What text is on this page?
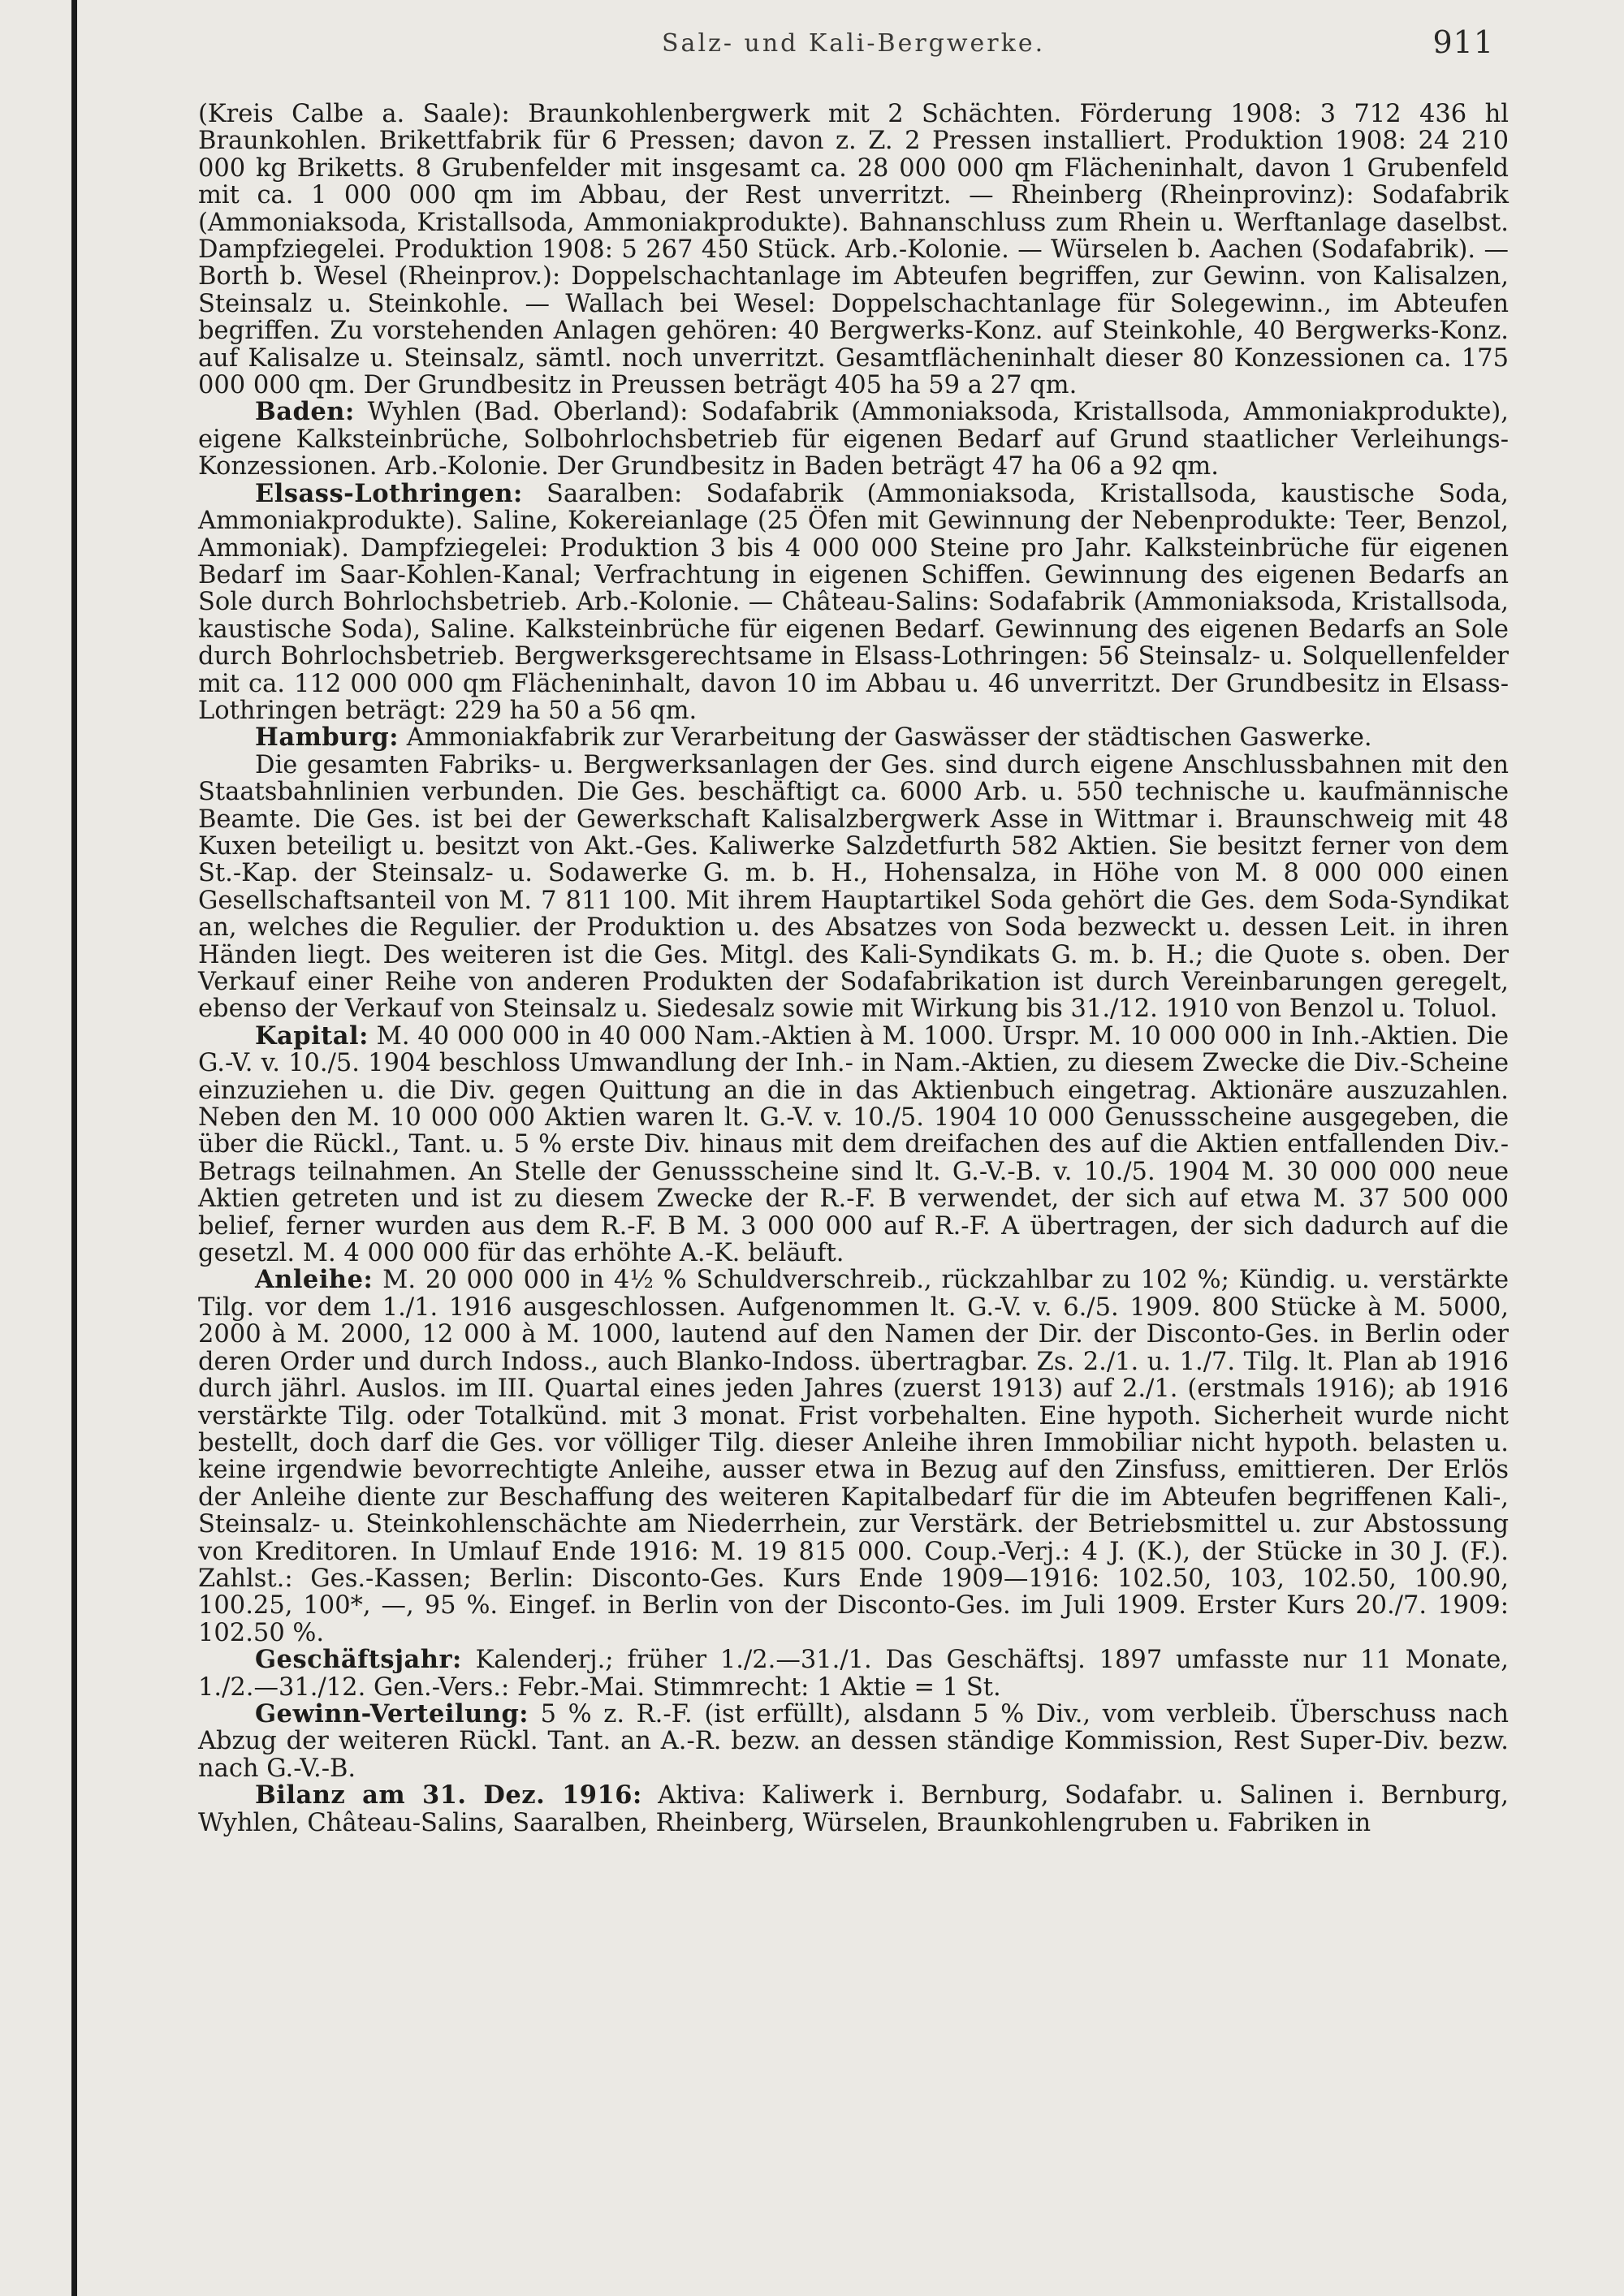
Salz- und Kali-Bergwerke.	911

(Kreis Calbe a. Saale): Braunkohlenbergwerk mit 2 Schächten. Förderung 1908: 3 712 436 hl Braunkohlen. Brikettfabrik für 6 Pressen; davon z. Z. 2 Pressen installiert. Produktion 1908: 24 210 000 kg Briketts. 8 Grubenfelder mit insgesamt ca. 28 000 000 qm Flächeninhalt, davon 1 Grubenfeld mit ca. 1 000 000 qm im Abbau, der Rest unverritzt. — Rheinberg (Rheinprovinz): Sodafabrik (Ammoniaksoda, Kristallsoda, Ammoniakprodukte). Bahnanschluss zum Rhein u. Werftanlage daselbst. Dampfziegelei. Produktion 1908: 5 267 450 Stück. Arb.-Kolonie. — Würselen b. Aachen (Sodafabrik). — Borth b. Wesel (Rheinprov.): Doppelschachtanlage im Abteufen begriffen, zur Gewinn. von Kalisalzen, Steinsalz u. Steinkohle. — Wallach bei Wesel: Doppelschachtanlage für Solegewinn., im Abteufen begriffen. Zu vorstehenden Anlagen gehören: 40 Bergwerks-Konz. auf Steinkohle, 40 Bergwerks-Konz. auf Kalisalze u. Steinsalz, sämtl. noch unverritzt. Gesamtflächeninhalt dieser 80 Konzessionen ca. 175 000 000 qm. Der Grundbesitz in Preussen beträgt 405 ha 59 a 27 qm.

Baden: Wyhlen (Bad. Oberland): Sodafabrik (Ammoniaksoda, Kristallsoda, Ammoniakprodukte), eigene Kalksteinbrüche, Solbohrlochsbetrieb für eigenen Bedarf auf Grund staatlicher Verleihungs-Konzessionen. Arb.-Kolonie. Der Grundbesitz in Baden beträgt 47 ha 06 a 92 qm.

Elsass-Lothringen: Saaralben: Sodafabrik (Ammoniaksoda, Kristallsoda, kaustische Soda, Ammoniakprodukte). Saline, Kokereianlage (25 Öfen mit Gewinnung der Nebenprodukte: Teer, Benzol, Ammoniak). Dampfziegelei: Produktion 3 bis 4 000 000 Steine pro Jahr. Kalksteinbrüche für eigenen Bedarf im Saar-Kohlen-Kanal; Verfrachtung in eigenen Schiffen. Gewinnung des eigenen Bedarfs an Sole durch Bohrlochsbetrieb. Arb.-Kolonie. — Château-Salins: Sodafabrik (Ammoniaksoda, Kristallsoda, kaustische Soda), Saline. Kalksteinbrüche für eigenen Bedarf. Gewinnung des eigenen Bedarfs an Sole durch Bohrlochsbetrieb. Bergwerksgerechtsame in Elsass-Lothringen: 56 Steinsalz- u. Solquellenfelder mit ca. 112 000 000 qm Flächeninhalt, davon 10 im Abbau u. 46 unverritzt. Der Grundbesitz in Elsass-Lothringen beträgt: 229 ha 50 a 56 qm.

Hamburg: Ammoniakfabrik zur Verarbeitung der Gaswässer der städtischen Gaswerke.

Die gesamten Fabriks- u. Bergwerksanlagen der Ges. sind durch eigene Anschlussbahnen mit den Staatsbahnlinien verbunden. Die Ges. beschäftigt ca. 6000 Arb. u. 550 technische u. kaufmännische Beamte. Die Ges. ist bei der Gewerkschaft Kalisalzbergwerk Asse in Wittmar i. Braunschweig mit 48 Kuxen beteiligt u. besitzt von Akt.-Ges. Kaliwerke Salzdetfurth 582 Aktien. Sie besitzt ferner von dem St.-Kap. der Steinsalz- u. Sodawerke G. m. b. H., Hohensalza, in Höhe von M. 8 000 000 einen Gesellschaftsanteil von M. 7 811 100. Mit ihrem Hauptartikel Soda gehört die Ges. dem Soda-Syndikat an, welches die Regulier. der Produktion u. des Absatzes von Soda bezweckt u. dessen Leit. in ihren Händen liegt. Des weiteren ist die Ges. Mitgl. des Kali-Syndikats G. m. b. H.; die Quote s. oben. Der Verkauf einer Reihe von anderen Produkten der Sodafabrikation ist durch Vereinbarungen geregelt, ebenso der Verkauf von Steinsalz u. Siedesalz sowie mit Wirkung bis 31./12. 1910 von Benzol u. Toluol.

Kapital: M. 40 000 000 in 40 000 Nam.-Aktien à M. 1000. Urspr. M. 10 000 000 in Inh.-Aktien. Die G.-V. v. 10./5. 1904 beschloss Umwandlung der Inh.- in Nam.-Aktien, zu diesem Zwecke die Div.-Scheine einzuziehen u. die Div. gegen Quittung an die in das Aktienbuch eingetrag. Aktionäre auszuzahlen. Neben den M. 10 000 000 Aktien waren lt. G.-V. v. 10./5. 1904 10 000 Genussscheine ausgegeben, die über die Rückl., Tant. u. 5 % erste Div. hinaus mit dem dreifachen des auf die Aktien entfallenden Div.-Betrags teilnahmen. An Stelle der Genussscheine sind lt. G.-V.-B. v. 10./5. 1904 M. 30 000 000 neue Aktien getreten und ist zu diesem Zwecke der R.-F. B verwendet, der sich auf etwa M. 37 500 000 belief, ferner wurden aus dem R.-F. B M. 3 000 000 auf R.-F. A übertragen, der sich dadurch auf die gesetzl. M. 4 000 000 für das erhöhte A.-K. beläuft.

Anleihe: M. 20 000 000 in 4½ % Schuldverschreib., rückzahlbar zu 102 %; Kündig. u. verstärkte Tilg. vor dem 1./1. 1916 ausgeschlossen. Aufgenommen lt. G.-V. v. 6./5. 1909. 800 Stücke à M. 5000, 2000 à M. 2000, 12 000 à M. 1000, lautend auf den Namen der Dir. der Disconto-Ges. in Berlin oder deren Order und durch Indoss., auch Blanko-Indoss. übertragbar. Zs. 2./1. u. 1./7. Tilg. lt. Plan ab 1916 durch jährl. Auslos. im III. Quartal eines jeden Jahres (zuerst 1913) auf 2./1. (erstmals 1916); ab 1916 verstärkte Tilg. oder Totalkünd. mit 3 monat. Frist vorbehalten. Eine hypoth. Sicherheit wurde nicht bestellt, doch darf die Ges. vor völliger Tilg. dieser Anleihe ihren Immobiliar nicht hypoth. belasten u. keine irgendwie bevorrechtigte Anleihe, ausser etwa in Bezug auf den Zinsfuss, emittieren. Der Erlös der Anleihe diente zur Beschaffung des weiteren Kapitalbedarf für die im Abteufen begriffenen Kali-, Steinsalz- u. Steinkohlenschächte am Niederrhein, zur Verstärk. der Betriebsmittel u. zur Abstossung von Kreditoren. In Umlauf Ende 1916: M. 19 815 000. Coup.-Verj.: 4 J. (K.), der Stücke in 30 J. (F.). Zahlst.: Ges.-Kassen; Berlin: Disconto-Ges. Kurs Ende 1909—1916: 102.50, 103, 102.50, 100.90, 100.25, 100*, —, 95 %. Eingef. in Berlin von der Disconto-Ges. im Juli 1909. Erster Kurs 20./7. 1909: 102.50 %.

Geschäftsjahr: Kalenderj.; früher 1./2.—31./1. Das Geschäftsj. 1897 umfasste nur 11 Monate, 1./2.—31./12. Gen.-Vers.: Febr.-Mai. Stimmrecht: 1 Aktie = 1 St.

Gewinn-Verteilung: 5 % z. R.-F. (ist erfüllt), alsdann 5 % Div., vom verbleib. Überschuss nach Abzug der weiteren Rückl. Tant. an A.-R. bezw. an dessen ständige Kommission, Rest Super-Div. bezw. nach G.-V.-B.

Bilanz am 31. Dez. 1916: Aktiva: Kaliwerk i. Bernburg, Sodafabr. u. Salinen i. Bernburg, Wyhlen, Château-Salins, Saaralben, Rheinberg, Würselen, Braunkohlengruben u. Fabriken in
